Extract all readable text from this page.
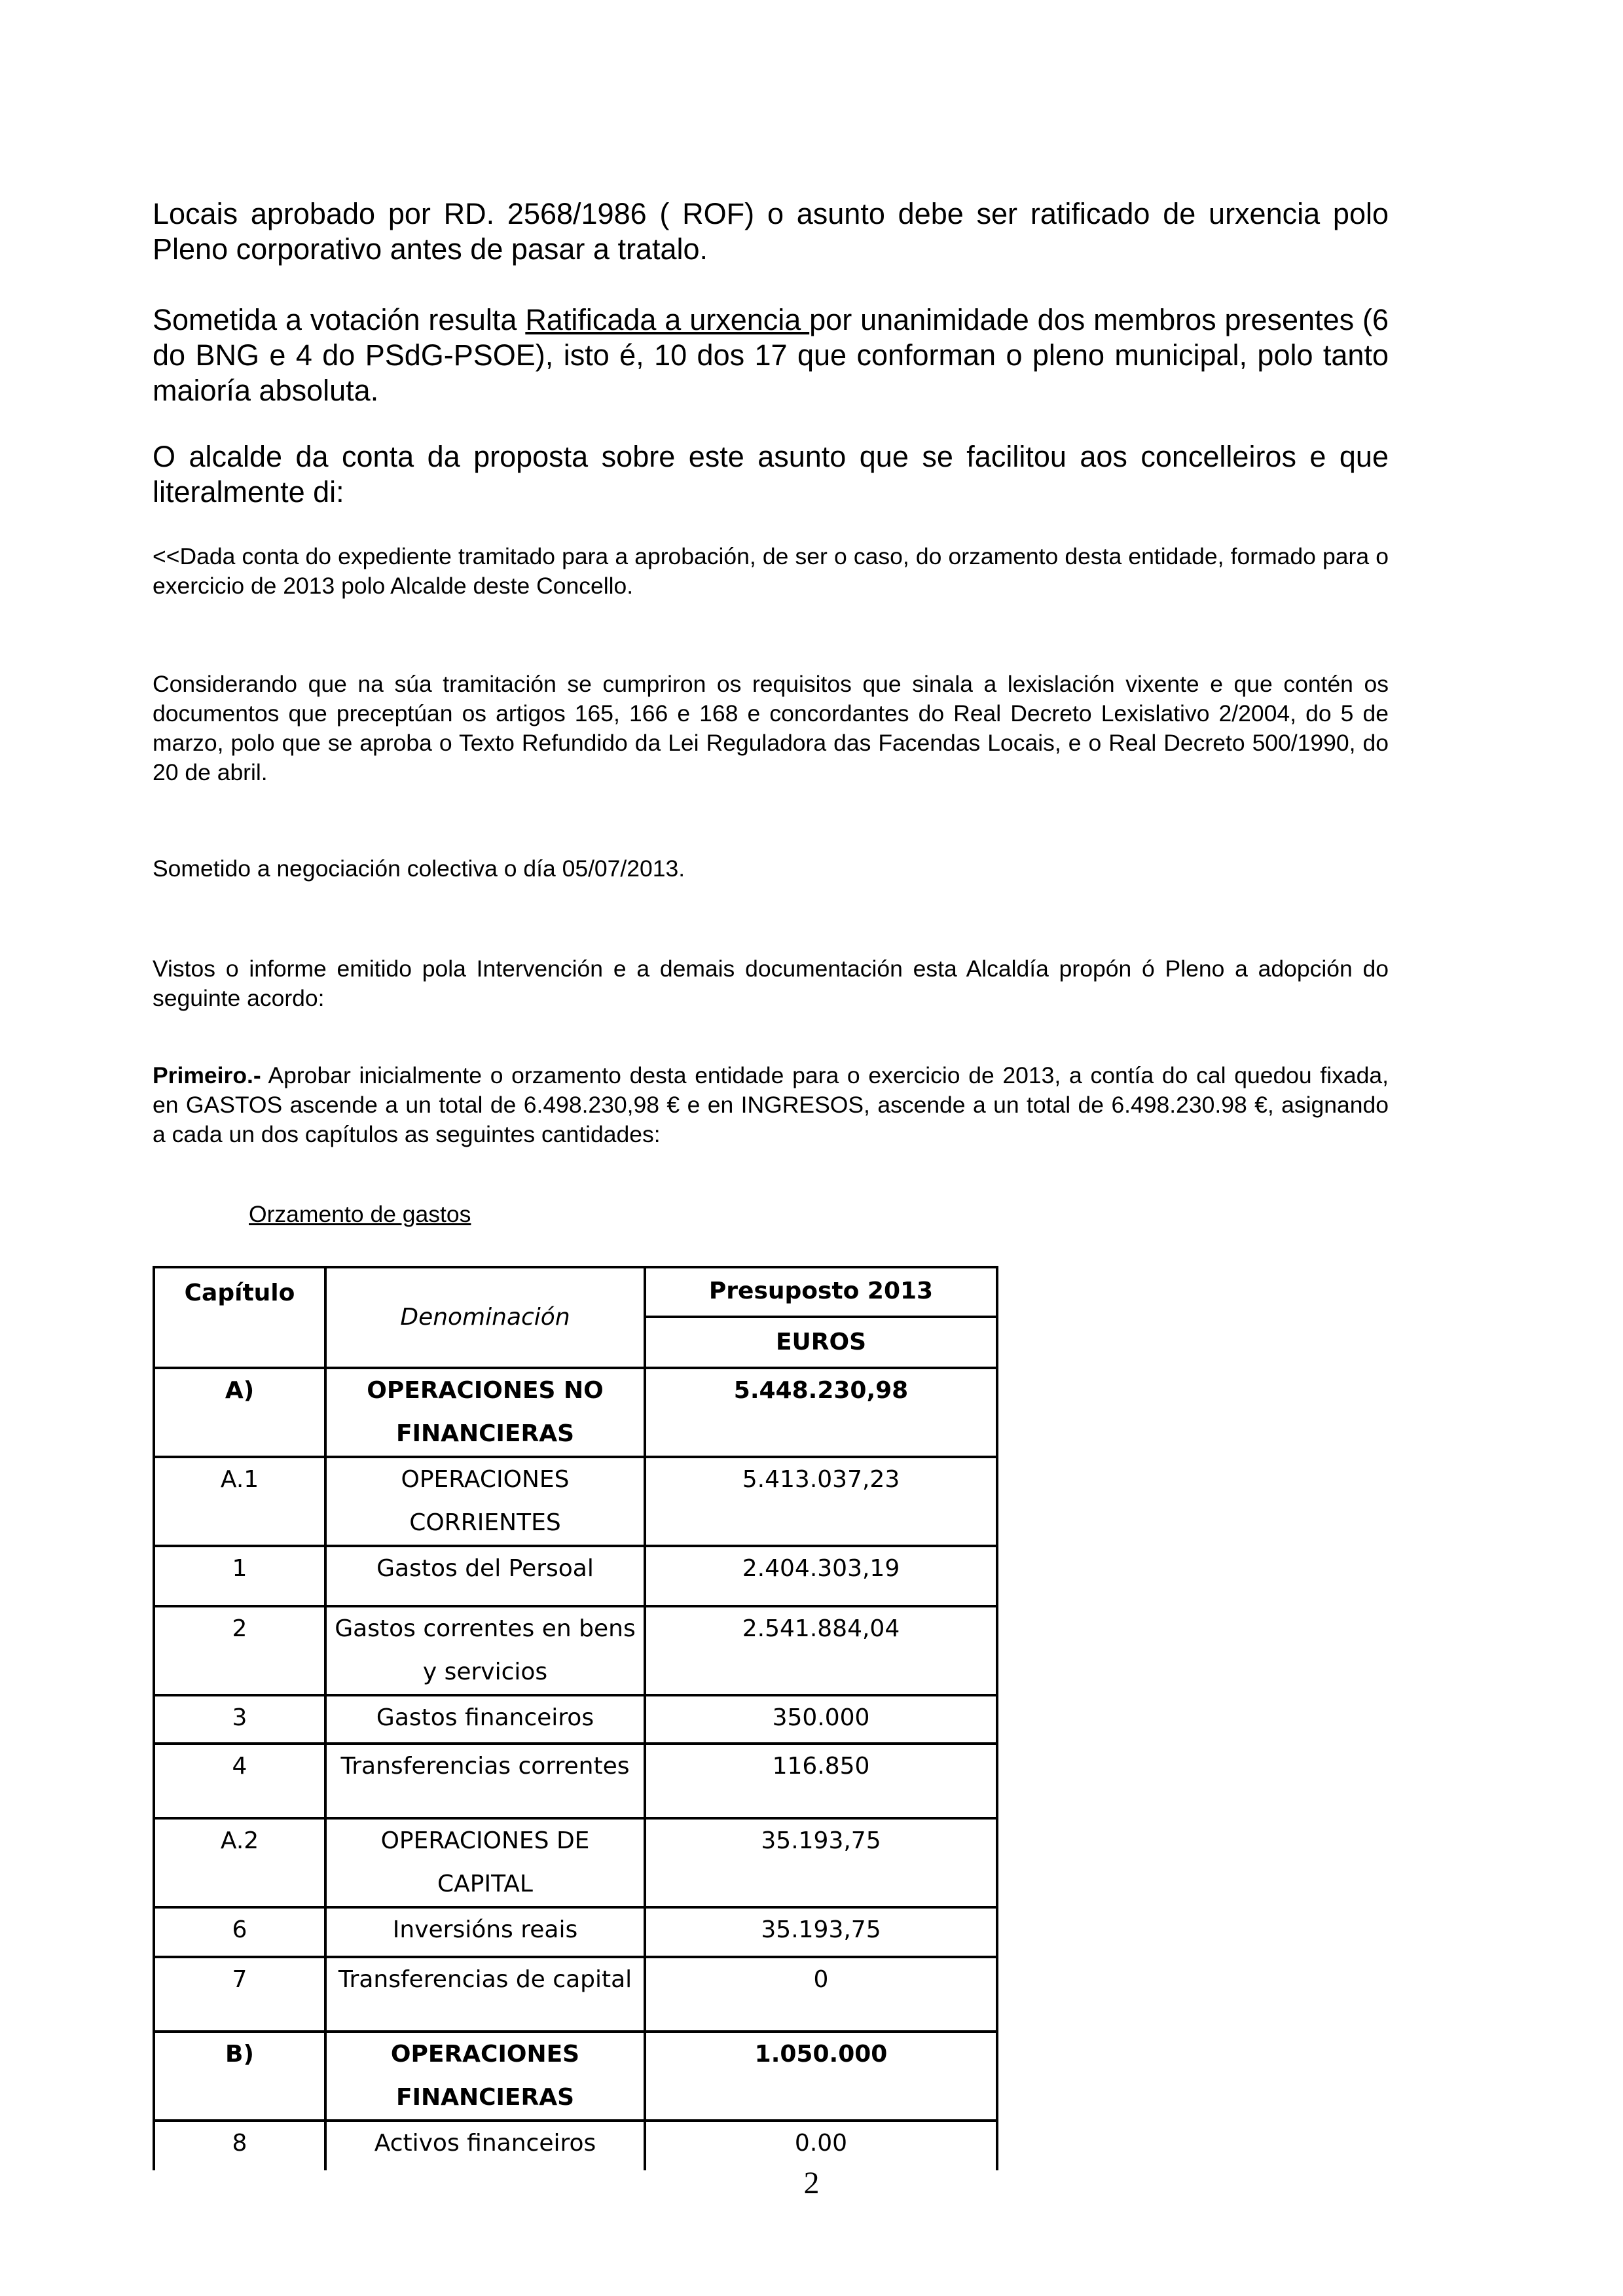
Locais aprobado por RD. 2568/1986 ( ROF) o asunto debe ser ratificado de urxencia polo Pleno corporativo antes de pasar a tratalo.

Sometida a votación resulta Ratificada a urxencia por unanimidade dos membros presentes (6 do BNG e 4 do PSdG-PSOE), isto é, 10 dos 17 que conforman o pleno municipal, polo tanto maioría absoluta.

O alcalde da conta da proposta sobre este asunto que se facilitou aos concelleiros e que literalmente di:

<<Dada conta do expediente tramitado para a aprobación, de ser o caso, do orzamento desta entidade, formado para o exercicio de 2013 polo Alcalde deste Concello.

Considerando que na súa tramitación se cumpriron os requisitos que sinala a lexislación vixente e que contén os documentos que preceptúan os artigos 165, 166 e 168 e concordantes do Real Decreto Lexislativo 2/2004, do 5 de marzo, polo que se aproba o Texto Refundido da Lei Reguladora das Facendas Locais, e o Real Decreto 500/1990, do 20 de abril.

Sometido a negociación colectiva o día 05/07/2013.

Vistos o informe emitido pola Intervención e a demais documentación esta Alcaldía propón ó Pleno a adopción do seguinte acordo:

Primeiro.- Aprobar inicialmente o orzamento desta entidade para o exercicio de 2013, a contía do cal quedou fixada, en GASTOS ascende a un total de 6.498.230,98 € e en INGRESOS, ascende a un total de 6.498.230.98 €, asignando a cada un dos capítulos as seguintes cantidades:

Orzamento de gastos

Capítulo	Denominación	Presuposto 2013
		EUROS
A)	OPERACIONES NO FINANCIERAS	5.448.230,98
A.1	OPERACIONES CORRIENTES	5.413.037,23
1	Gastos del Persoal	2.404.303,19
2	Gastos correntes en bens y servicios	2.541.884,04
3	Gastos financeiros	350.000
4	Transferencias correntes	116.850
A.2	OPERACIONES DE CAPITAL	35.193,75
6	Inversións reais	35.193,75
7	Transferencias de capital	0
B)	OPERACIONES FINANCIERAS	1.050.000
8	Activos financeiros	0.00
2
